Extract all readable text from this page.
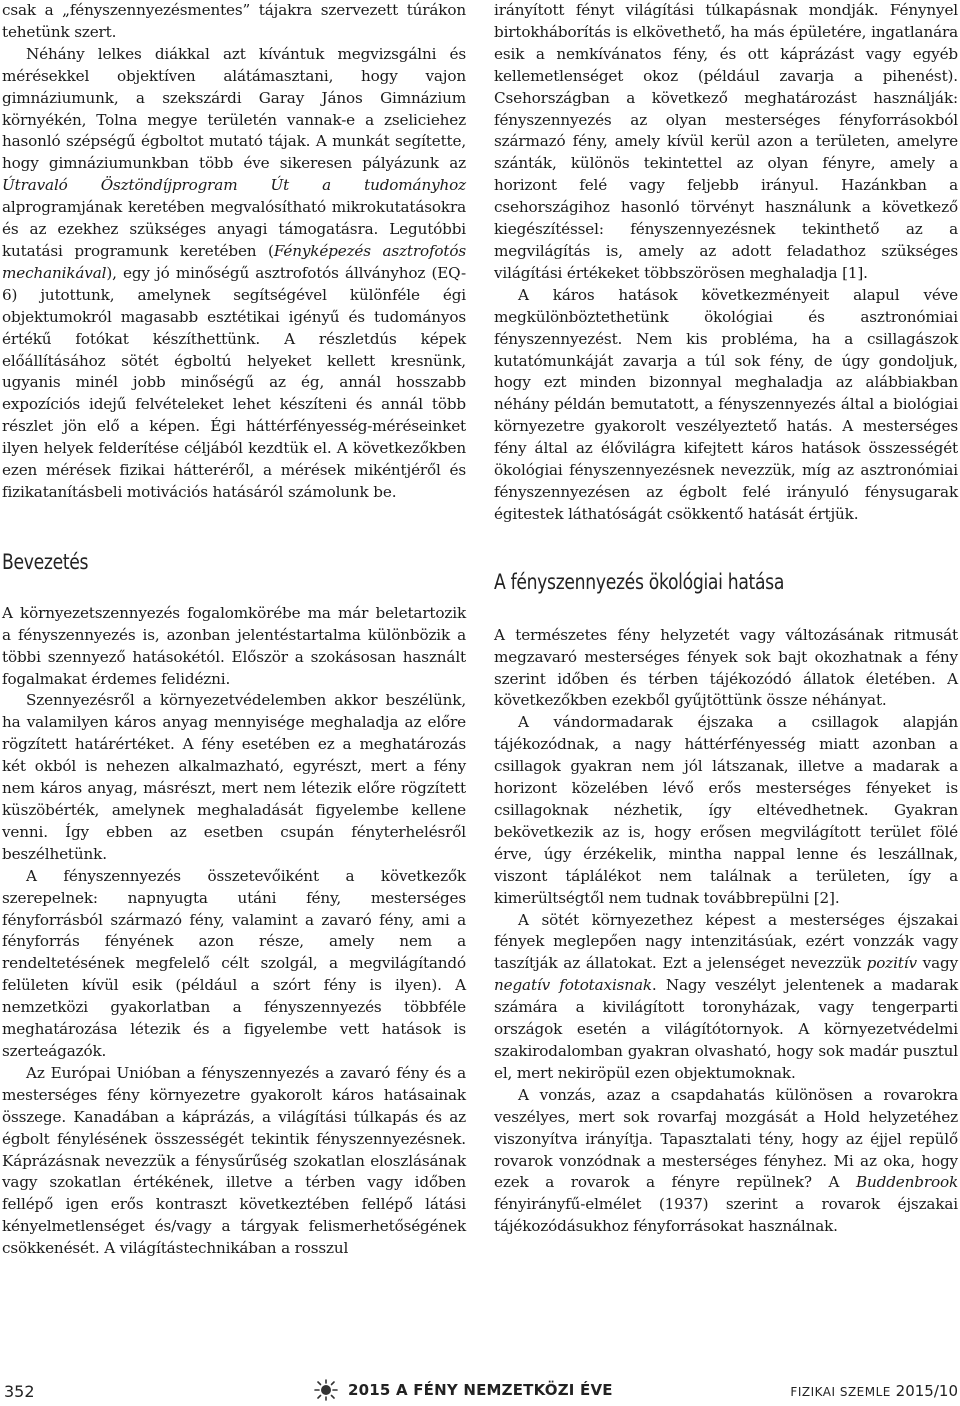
csak a „fényszennyezésmentes” tájakra szervezett túrákon tehetünk szert.

Néhány lelkes diákkal azt kívántuk megvizsgálni és mérésekkel objektíven alátámasztani, hogy vajon gimnáziumunk, a szekszárdi Garay János Gimnázium környékén, Tolna megye területén vannak-e a zseliciehez hasonló szépségű égboltot mutató tájak. A munkát segítette, hogy gimnáziumunkban több éve sikeresen pályázunk az Útravaló Ösztöndíjprogram Út a tudományhoz alprogramjának keretében megvalósítható mikrokutatásokra és az ezekhez szükséges anyagi támogatásra. Legutóbbi kutatási programunk keretében (Fényképezés asztrofotós mechanikával), egy jó minőségű asztrofotós állványhoz (EQ-6) jutottunk, amelynek segítségével különféle égi objektumokról magasabb esztétikai igényű és tudományos értékű fotókat készíthettünk. A részletdús képek előállításához sötét égboltú helyeket kellett kresnünk, ugyanis minél jobb minőségű az ég, annál hosszabb expozíciós idejű felvételeket lehet készíteni és annál több részlet jön elő a képen. Égi háttérfényesség-méréseinket ilyen helyek felderítése céljából kezdtük el. A következőkben ezen mérések fizikai hátteréről, a mérések mikéntjéről és fizikatanításbeli motivációs hatásáról számolunk be.

Bevezetés

A környezetszennyezés fogalomkörébe ma már beletartozik a fényszennyezés is, azonban jelentéstartalma különbözik a többi szennyező hatásokétól. Először a szokásosan használt fogalmakat érdemes felidézni.

Szennyezésről a környezetvédelemben akkor beszélünk, ha valamilyen káros anyag mennyisége meghaladja az előre rögzített határértéket. A fény esetében ez a meghatározás két okból is nehezen alkalmazható, egyrészt, mert a fény nem káros anyag, másrészt, mert nem létezik előre rögzített küszöbérték, amelynek meghaladását figyelembe kellene venni. Így ebben az esetben csupán fényterhelésről beszélhetünk.

A fényszennyezés összetevőiként a következők szerepelnek: napnyugta utáni fény, mesterséges fényforrásból származó fény, valamint a zavaró fény, ami a fényforrás fényének azon része, amely nem a rendeltetésének megfelelő célt szolgál, a megvilágítandó felületen kívül esik (például a szórt fény is ilyen). A nemzetközi gyakorlatban a fényszennyezés többféle meghatározása létezik és a figyelembe vett hatások is szerteágazók.

Az Európai Unióban a fényszennyezés a zavaró fény és a mesterséges fény környezetre gyakorolt káros hatásainak összege. Kanadában a káprázás, a világítási túlkapás és az égbolt fénylésének összességét tekintik fényszennyezésnek. Káprázásnak nevezzük a fénysűrűség szokatlan eloszlásának vagy szokatlan értékének, illetve a térben vagy időben fellépő igen erős kontraszt következtében fellépő látási kényelmetlenséget és/vagy a tárgyak felismerhetőségének csökkenését. A világítástechnikában a rosszul

irányított fényt világítási túlkapásnak mondják. Fénynyel birtokháborítás is elkövethető, ha más épületére, ingatlanára esik a nemkívánatos fény, és ott káprázást vagy egyéb kellemetlenséget okoz (például zavarja a pihenést). Csehországban a következő meghatározást használják: fényszennyezés az olyan mesterséges fényforrásokból származó fény, amely kívül kerül azon a területen, amelyre szánták, különös tekintettel az olyan fényre, amely a horizont felé vagy feljebb irányul. Hazánkban a csehországihoz hasonló törvényt használunk a következő kiegészítéssel: fényszennyezésnek tekinthető az a megvilágítás is, amely az adott feladathoz szükséges világítási értékeket többszörösen meghaladja [1].

A káros hatások következményeit alapul véve megkülönböztethetünk ökológiai és asztronómiai fényszennyezést. Nem kis probléma, ha a csillagászok kutatómunkáját zavarja a túl sok fény, de úgy gondoljuk, hogy ezt minden bizonnyal meghaladja az alábbiakban néhány példán bemutatott, a fényszennyezés által a biológiai környezetre gyakorolt veszélyeztető hatás. A mesterséges fény által az élővilágra kifejtett káros hatások összességét ökológiai fényszennyezésnek nevezzük, míg az asztronómiai fényszennyezésen az égbolt felé irányuló fénysugarak égitestek láthatóságát csökkentő hatását értjük.

A fényszennyezés ökológiai hatása

A természetes fény helyzetét vagy változásának ritmusát megzavaró mesterséges fények sok bajt okozhatnak a fény szerint időben és térben tájékozódó állatok életében. A következőkben ezekből gyűjtöttünk össze néhányat.

A vándormadarak éjszaka a csillagok alapján tájékozódnak, a nagy háttérfényesség miatt azonban a csillagok gyakran nem jól látszanak, illetve a madarak a horizont közelében lévő erős mesterséges fényeket is csillagoknak nézhetik, így eltévedhetnek. Gyakran bekövetkezik az is, hogy erősen megvilágított terület fölé érve, úgy érzékelik, mintha nappal lenne és leszállnak, viszont táplálékot nem találnak a területen, így a kimerültségtől nem tudnak továbbrepülni [2].

A sötét környezethez képest a mesterséges éjszakai fények meglepően nagy intenzitásúak, ezért vonzzák vagy taszítják az állatokat. Ezt a jelenséget nevezzük pozitív vagy negatív fototaxisnak. Nagy veszélyt jelentenek a madarak számára a kivilágított toronyházak, vagy tengerparti országok esetén a világítótornyok. A környezetvédelmi szakirodalomban gyakran olvasható, hogy sok madár pusztul el, mert nekiröpül ezen objektumoknak.

A vonzás, azaz a csapdahatás különösen a rovarokra veszélyes, mert sok rovarfaj mozgását a Hold helyzetéhez viszonyítva irányítja. Tapasztalati tény, hogy az éjjel repülő rovarok vonzódnak a mesterséges fényhez. Mi az oka, hogy ezek a rovarok a fényre repülnek? A Buddenbrook fényirányfű-elmélet (1937) szerint a rovarok éjszakai tájékozódásukhoz fényforrásokat használnak.

352	2015 A FÉNY NEMZETKÖZI ÉVE	FIZIKAI SZEMLE 2015/10
